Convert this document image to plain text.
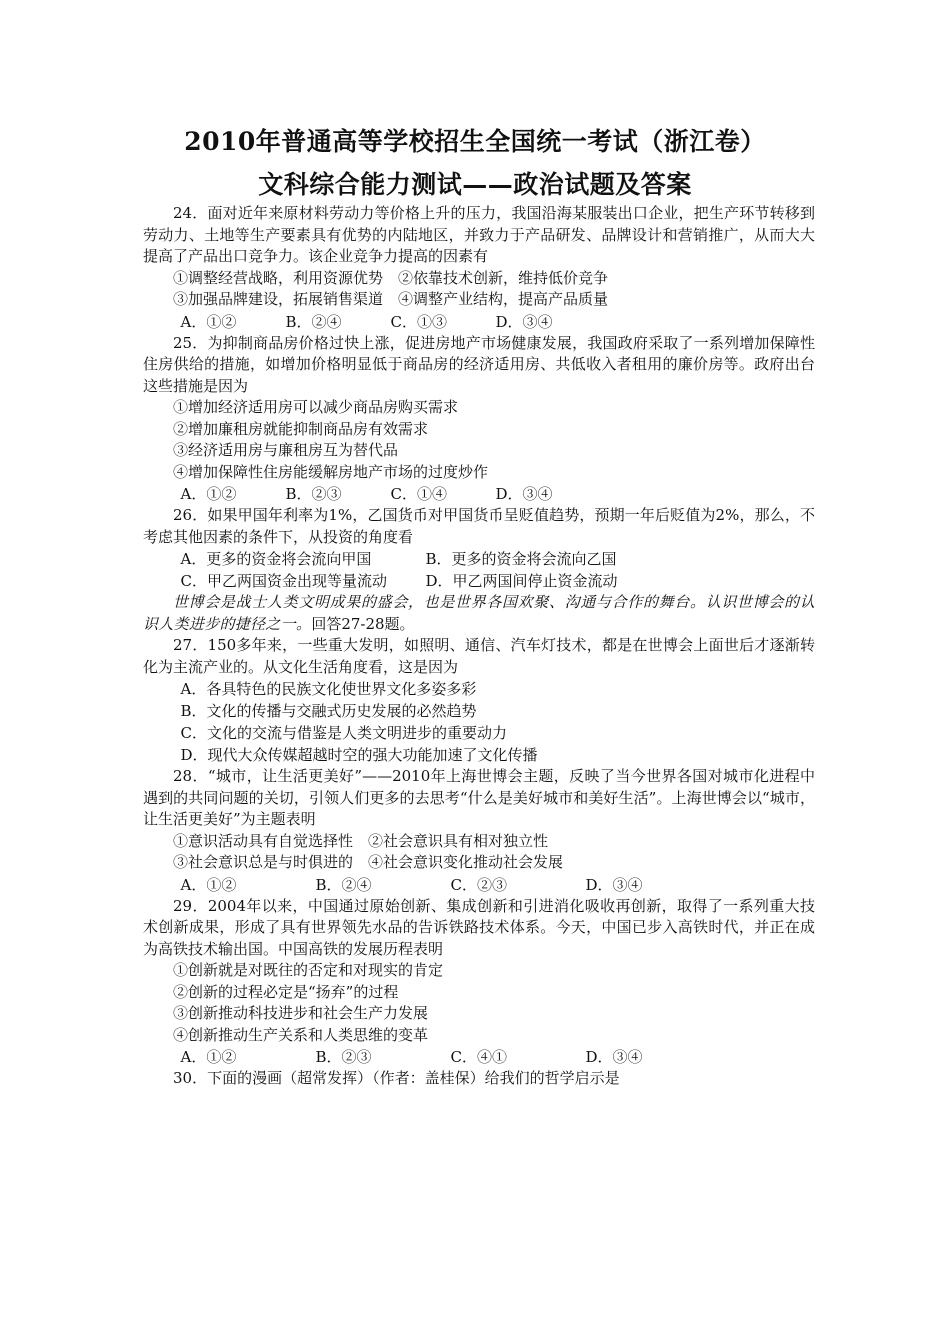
2010年普通高等学校招生全国统一考试（浙江卷）
文科综合能力测试——政治试题及答案

24．面对近年来原材料劳动力等价格上升的压力，我国沿海某服装出口企业，把生产环节转移到劳动力、土地等生产要素具有优势的内陆地区，并致力于产品研发、品牌设计和营销推广，从而大大提高了产品出口竞争力。该企业竞争力提高的因素有

①调整经营战略，利用资源优势　②依靠技术创新，维持低价竞争
③加强品牌建设，拓展销售渠道　④调整产业结构，提高产品质量
A．①②	B．②④	C．①③	D．③④

25．为抑制商品房价格过快上涨，促进房地产市场健康发展，我国政府采取了一系列增加保障性住房供给的措施，如增加价格明显低于商品房的经济适用房、共低收入者租用的廉价房等。政府出台这些措施是因为

①增加经济适用房可以减少商品房购买需求
②增加廉租房就能抑制商品房有效需求
③经济适用房与廉租房互为替代品
④增加保障性住房能缓解房地产市场的过度炒作
A．①②	B．②③	C．①④	D．③④

26．如果甲国年利率为1%，乙国货币对甲国货币呈贬值趋势，预期一年后贬值为2%，那么，不考虑其他因素的条件下，从投资的角度看

A．更多的资金将会流向甲国	B．更多的资金将会流向乙国
C．甲乙两国资金出现等量流动	D．甲乙两国间停止资金流动

世博会是战士人类文明成果的盛会，也是世界各国欢聚、沟通与合作的舞台。认识世博会的认识人类进步的捷径之一。回答27-28题。

27．150多年来，一些重大发明，如照明、通信、汽车灯技术，都是在世博会上面世后才逐渐转化为主流产业的。从文化生活角度看，这是因为

A．各具特色的民族文化使世界文化多姿多彩
B．文化的传播与交融式历史发展的必然趋势
C．文化的交流与借鉴是人类文明进步的重要动力
D．现代大众传媒超越时空的强大功能加速了文化传播

28．“城市，让生活更美好”——2010年上海世博会主题，反映了当今世界各国对城市化进程中遇到的共同问题的关切，引领人们更多的去思考“什么是美好城市和美好生活”。上海世博会以“城市，让生活更美好”为主题表明

①意识活动具有自觉选择性　②社会意识具有相对独立性
③社会意识总是与时俱进的　④社会意识变化推动社会发展
A．①②	B．②④	C．②③	D．③④

29．2004年以来，中国通过原始创新、集成创新和引进消化吸收再创新，取得了一系列重大技术创新成果，形成了具有世界领先水品的告诉铁路技术体系。今天，中国已步入高铁时代，并正在成为高铁技术输出国。中国高铁的发展历程表明

①创新就是对既往的否定和对现实的肯定
②创新的过程必定是“扬弃”的过程
③创新推动科技进步和社会生产力发展
④创新推动生产关系和人类思维的变革
A．①②	B．②③	C．④①	D．③④

30．下面的漫画（超常发挥）（作者：盖桂保）给我们的哲学启示是
